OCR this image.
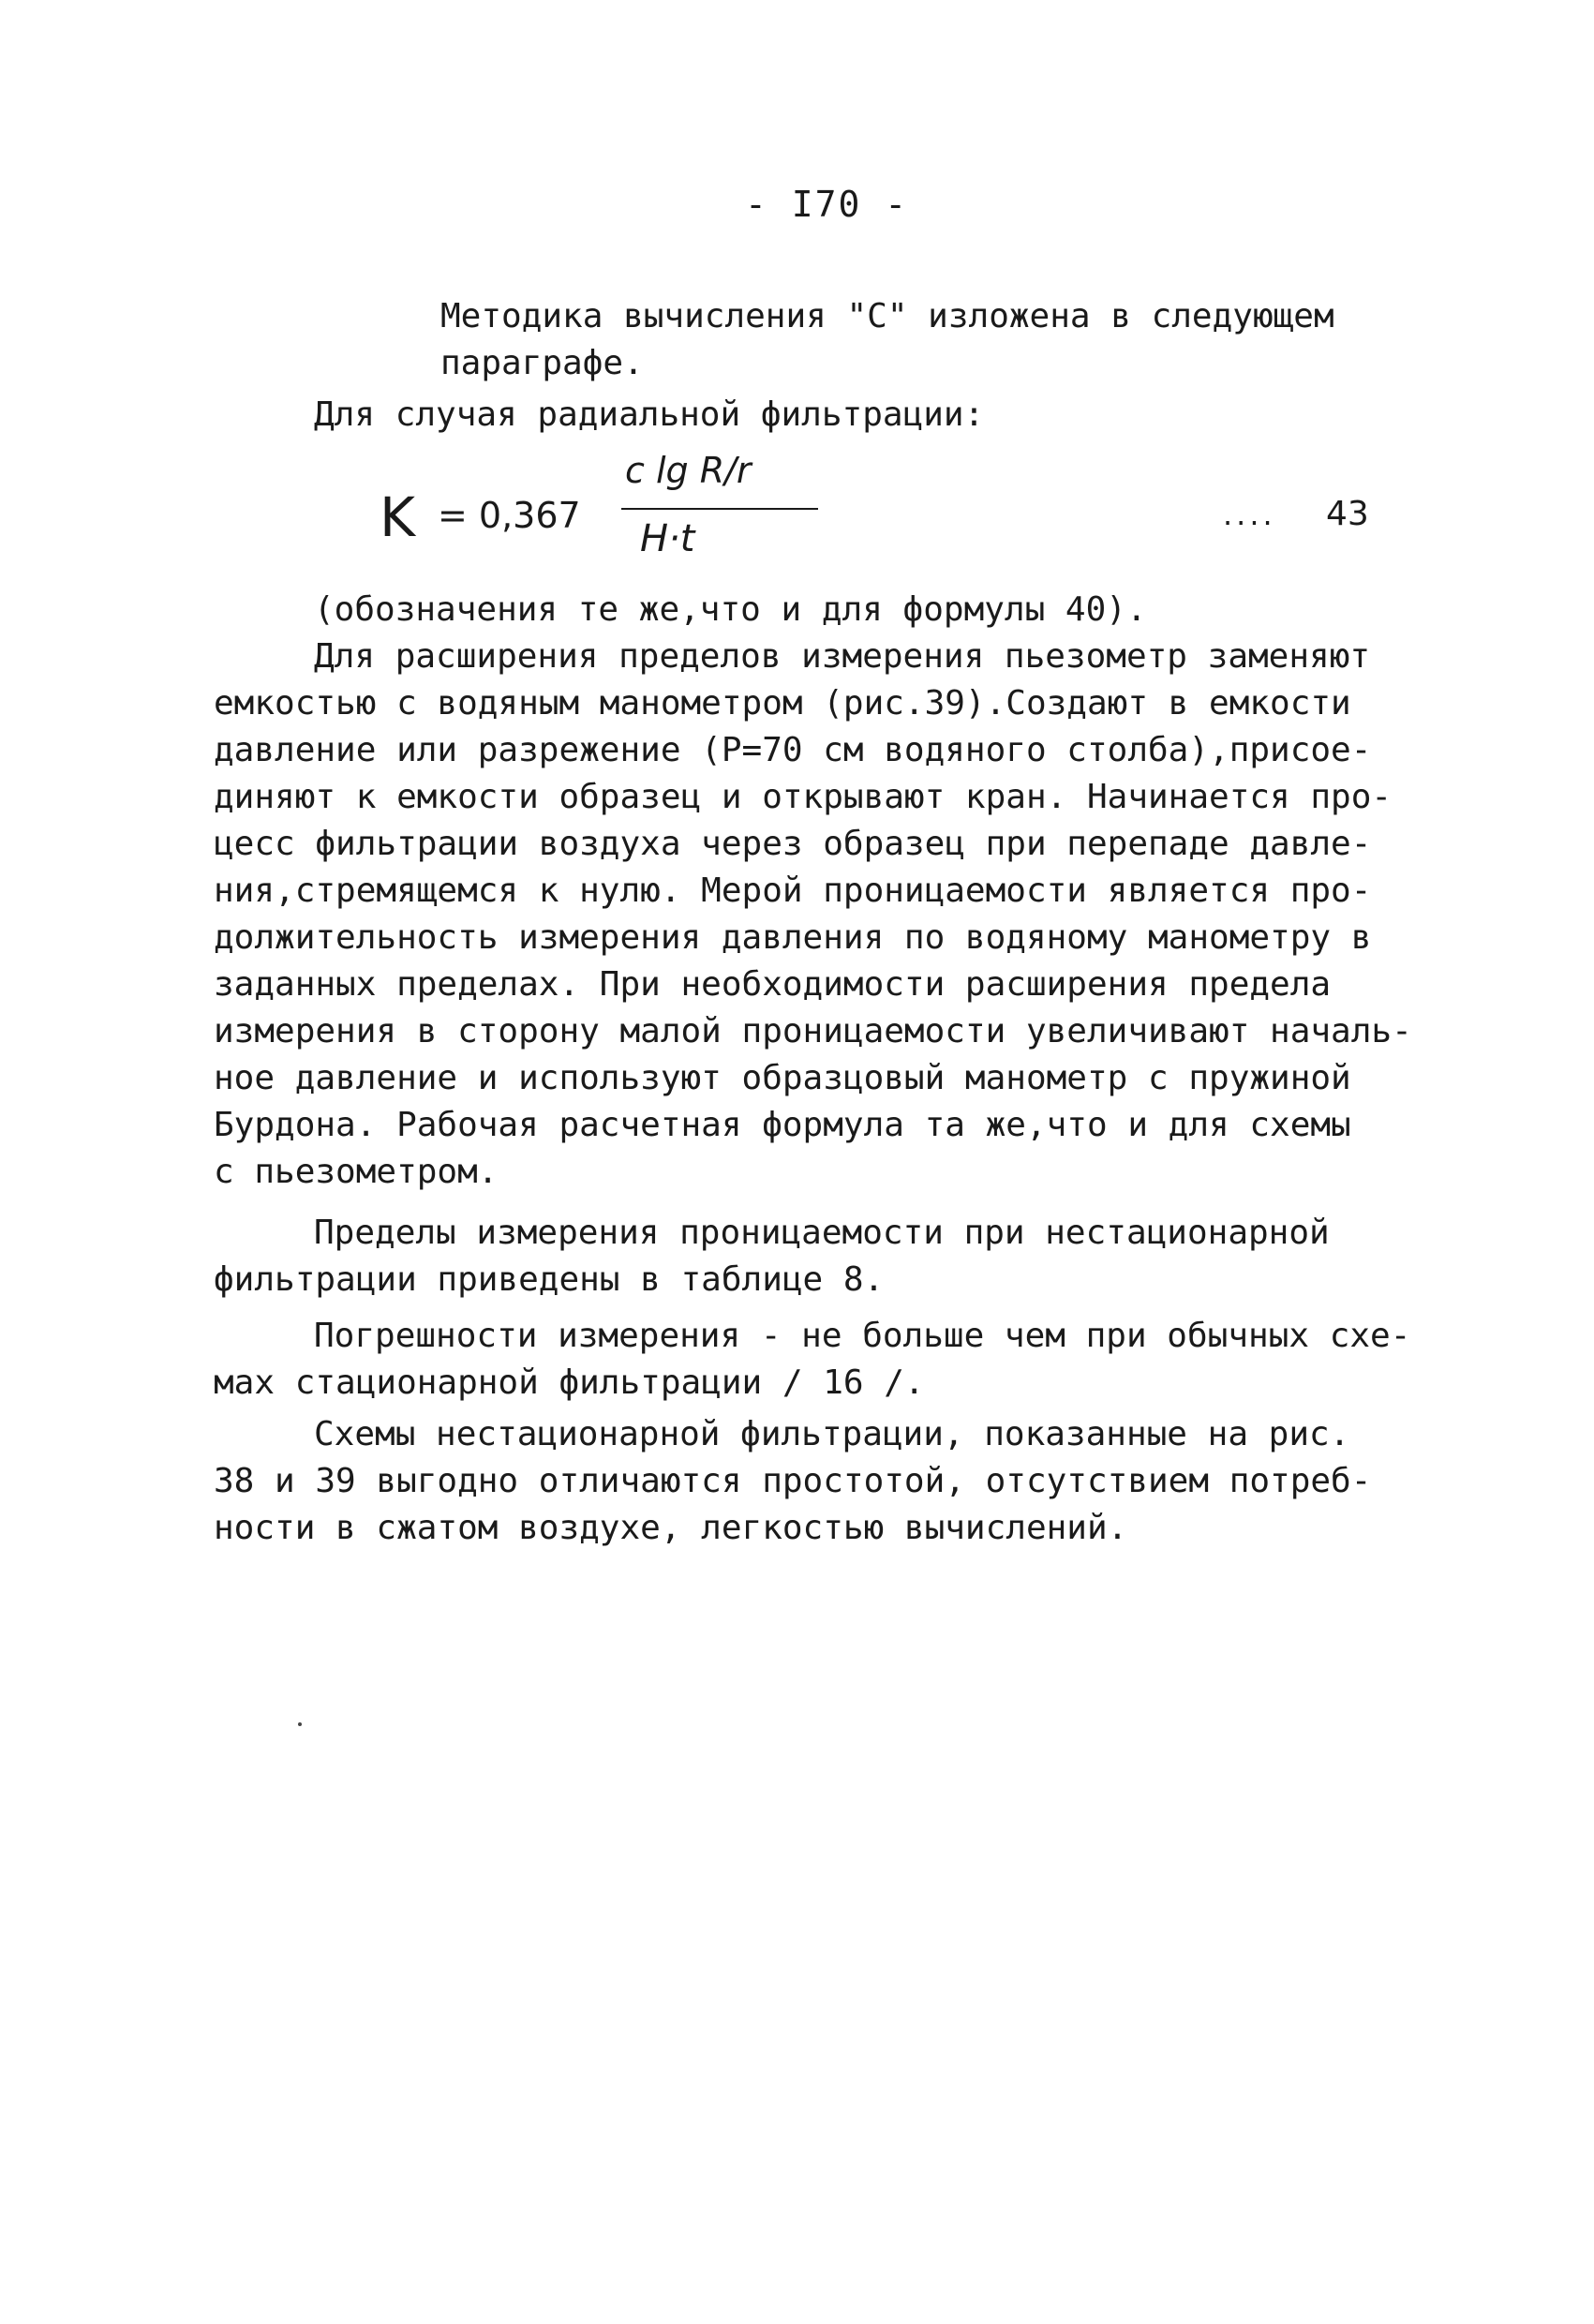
- I70 -
Методика вычисления "С" изложена в следующем
параграфе.
Для случая радиальной фильтрации:
K = 0,367
c lg R/r
H·t
.... 43
(обозначения те же,что и для формулы 40).
Для расширения пределов измерения пьезометр заменяют
емкостью с водяным манометром (рис.39).Создают в емкости
давление или разрежение (Р=70 см водяного столба),присое-
диняют к емкости образец и открывают кран. Начинается про-
цесс фильтрации воздуха через образец при перепаде давле-
ния,стремящемся к нулю. Мерой проницаемости является про-
должительность измерения давления по водяному манометру в
заданных пределах. При необходимости расширения предела
измерения в сторону малой проницаемости увеличивают началь-
ное давление и используют образцовый манометр с пружиной
Бурдона. Рабочая расчетная формула та же,что и для схемы
с пьезометром.
Пределы измерения проницаемости при нестационарной
фильтрации приведены в таблице 8.
Погрешности измерения - не больше чем при обычных схе-
мах стационарной фильтрации / 16 /.
Схемы нестационарной фильтрации, показанные на рис.
38 и 39 выгодно отличаются простотой, отсутствием потреб-
ности в сжатом воздухе, легкостью вычислений.
